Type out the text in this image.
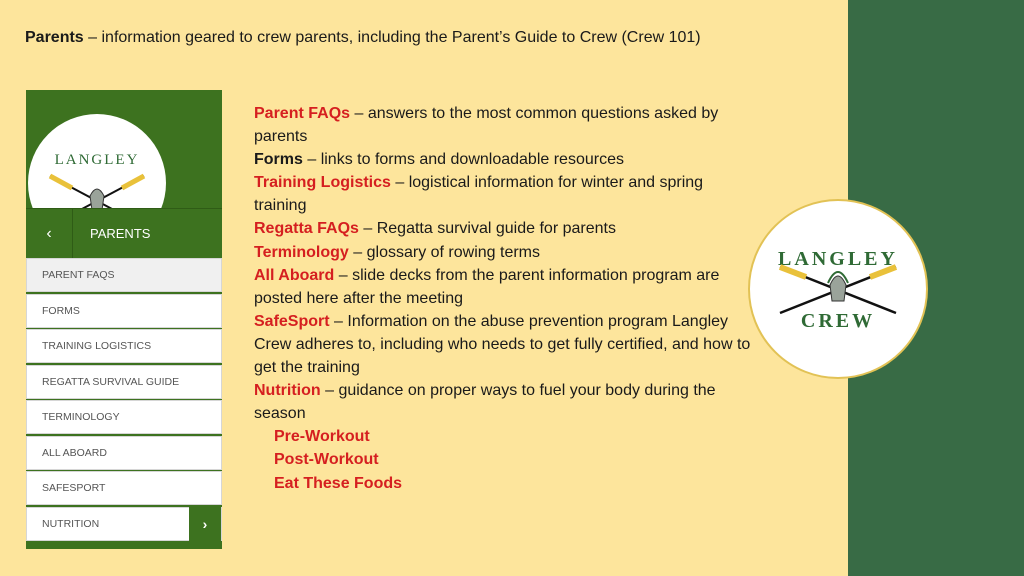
Parents – information geared to crew parents, including the Parent’s Guide to Crew (Crew 101)
LANGLEY
‹	PARENTS
PARENT FAQS
FORMS
TRAINING LOGISTICS
REGATTA SURVIVAL GUIDE
TERMINOLOGY
ALL ABOARD
SAFESPORT
NUTRITION	›

Parent FAQs – answers to the most common questions asked by parents

Forms – links to forms and downloadable resources

Training Logistics – logistical information for winter and spring training

Regatta FAQs – Regatta survival guide for parents

Terminology – glossary of rowing terms

All Aboard – slide decks from the parent information program are posted here after the meeting

SafeSport – Information on the abuse prevention program Langley Crew adheres to, including who needs to get fully certified, and how to get the training

Nutrition – guidance on proper ways to fuel your body during the season

Pre-Workout

Post-Workout

Eat These Foods

LANGLEY
CREW
